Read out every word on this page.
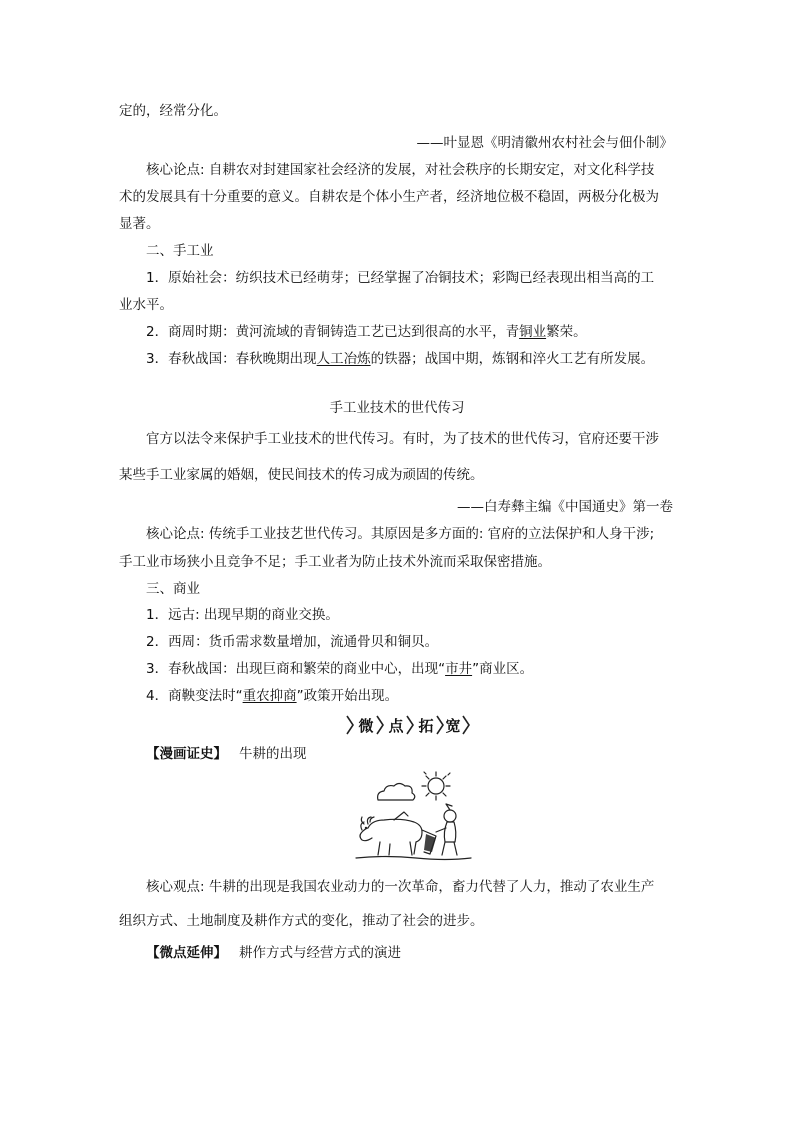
定的，经常分化。
——叶显恩《明清徽州农村社会与佃仆制》
核心论点: 自耕农对封建国家社会经济的发展，对社会秩序的长期安定，对文化科学技
术的发展具有十分重要的意义。自耕农是个体小生产者，经济地位极不稳固，两极分化极为
显著。
二、手工业
1．原始社会：纺织技术已经萌芽；已经掌握了冶铜技术；彩陶已经表现出相当高的工
业水平。
2．商周时期：黄河流域的青铜铸造工艺已达到很高的水平，青铜业繁荣。
3．春秋战国：春秋晚期出现人工冶炼的铁器；战国中期，炼钢和淬火工艺有所发展。
手工业技术的世代传习
官方以法令来保护手工业技术的世代传习。有时，为了技术的世代传习，官府还要干涉
某些手工业家属的婚姻，使民间技术的传习成为顽固的传统。
——白寿彝主编《中国通史》第一卷
核心论点: 传统手工业技艺世代传习。其原因是多方面的: 官府的立法保护和人身干涉;
手工业市场狭小且竞争不足；手工业者为防止技术外流而采取保密措施。
三、商业
1．远古: 出现早期的商业交换。
2．西周：货币需求数量增加，流通骨贝和铜贝。
3．春秋战国：出现巨商和繁荣的商业中心，出现“市井”商业区。
4．商鞅变法时“重农抑商”政策开始出现。
微 点 拓 宽
【漫画证史】 牛耕的出现
核心观点: 牛耕的出现是我国农业动力的一次革命，畜力代替了人力，推动了农业生产
组织方式、土地制度及耕作方式的变化，推动了社会的进步。
【微点延伸】 耕作方式与经营方式的演进
